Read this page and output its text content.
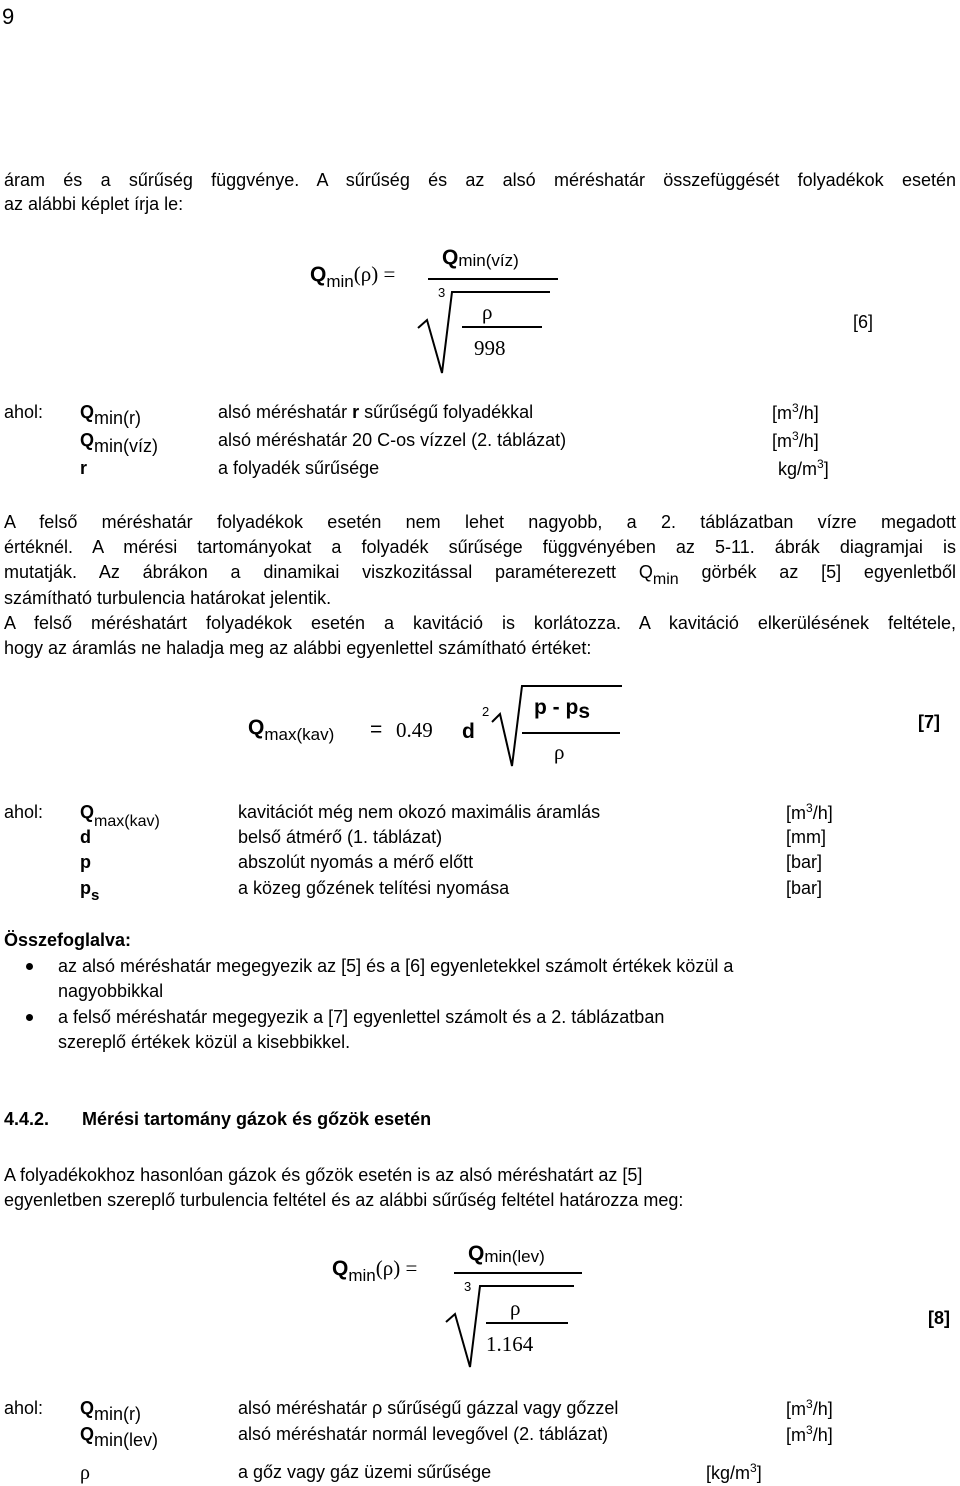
9
áram és a sűrűség függvénye. A sűrűség és az alsó méréshatár összefüggését folyadékok esetén
az alábbi képlet írja le:
$Q_{min}(\rho)$ =
Qmin(víz)
3
ρ
998
[6]
ahol: Qmin(r)	alsó méréshatár r sűrűségű folyadékkal	$[m^3/h]$
Qmin(víz)	alsó méréshatár 20 C-os vízzel (2. táblázat)	$[m^3/h]$
r	a folyadék sűrűsége	$kg/m^3$]
A felső méréshatár folyadékok esetén nem lehet nagyobb, a 2. táblázatban vízre megadott
értéknél. A mérési tartományokat a folyadék sűrűsége függvényében az 5-11. ábrák diagramjai is
mutatják. Az ábrákon a dinamikai viszkozitással paraméterezett Qmin görbék az [5] egyenletből
számítható turbulencia határokat jelentik.
A felső méréshatárt folyadékok esetén a kavitáció is korlátozza. A kavitáció elkerülésének feltétele,
hogy az áramlás ne haladja meg az alábbi egyenlettel számítható értéket:
$Q_{max(kav)} = 0.49$ d
2 p - ps
ρ
[7]
ahol: Qmax(kav)	kavitációt még nem okozó maximális áramlás	$[m^3/h]$
d	belső átmérő (1. táblázat)	[mm]
p	abszolút nyomás a mérő előtt	[bar]
$p_s$	a közeg gőzének telítési nyomása	[bar]
Összefoglalva:
az alsó méréshatár megegyezik az [5] és a [6] egyenletekkel számolt értékek közül a
nagyobbikkal
a felső méréshatár megegyezik a [7] egyenlettel számolt és a 2. táblázatban
szereplő értékek közül a kisebbikkel.
4.4.2. Mérési tartomány gázok és gőzök esetén
A folyadékokhoz hasonlóan gázok és gőzök esetén is az alsó méréshatárt az [5]
egyenletben szereplő turbulencia feltétel és az alábbi sűrűség feltétel határozza meg:
$Q_{min}(\rho)$ =
Qmin(lev)
3
ρ
1.164
[8]
ahol: Qmin(r)	alsó méréshatár ρ sűrűségű gázzal vagy gőzzel	$[m^3/h]$
Qmin(lev)	alsó méréshatár normál levegővel (2. táblázat)	$[m^3/h]$
ρ	a gőz vagy gáz üzemi sűrűsége	$[kg/m^3]$
